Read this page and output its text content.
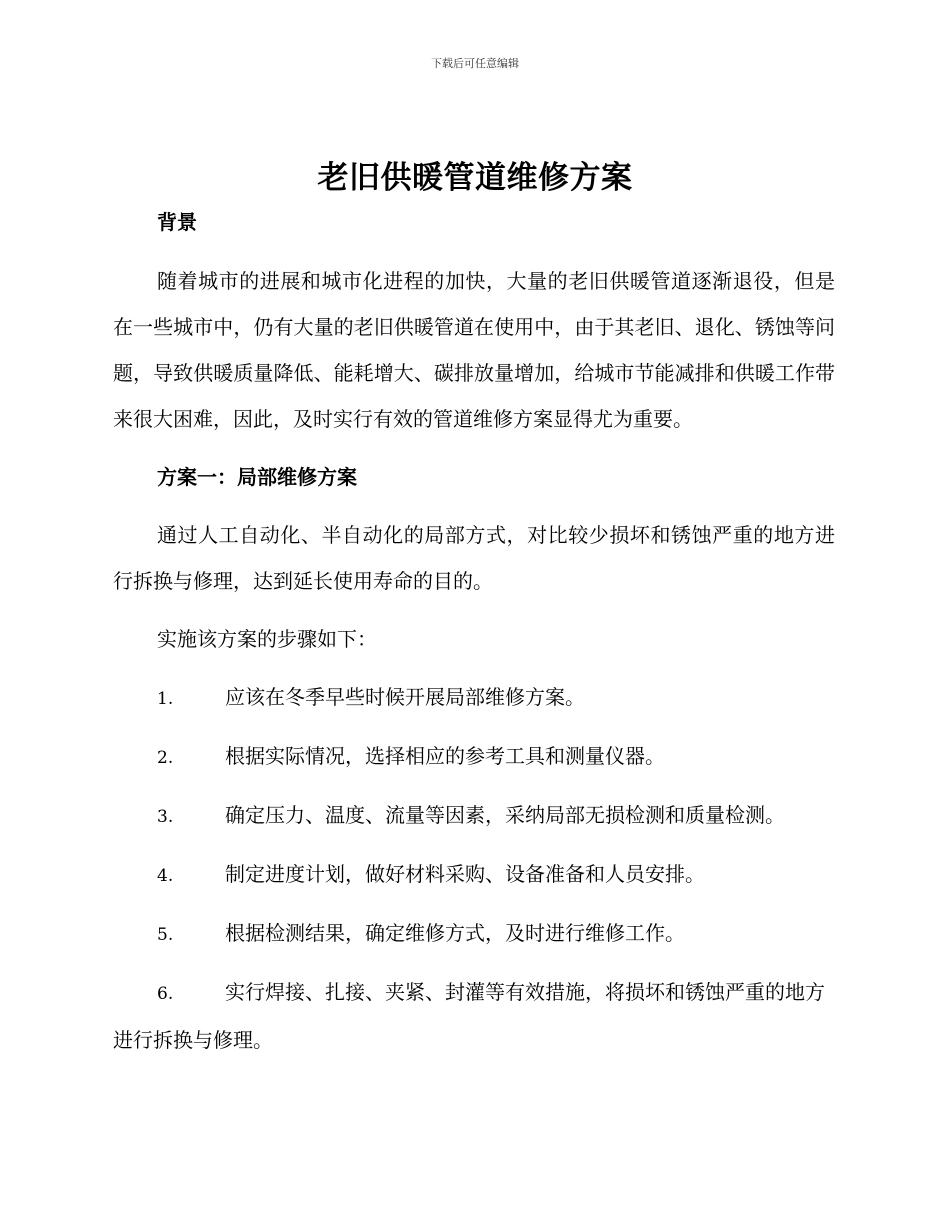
下载后可任意编辑
老旧供暖管道维修方案

背景

随着城市的进展和城市化进程的加快，大量的老旧供暖管道逐渐退役，但是在一些城市中，仍有大量的老旧供暖管道在使用中，由于其老旧、退化、锈蚀等问题，导致供暖质量降低、能耗增大、碳排放量增加，给城市节能减排和供暖工作带来很大困难，因此，及时实行有效的管道维修方案显得尤为重要。

方案一：局部维修方案

通过人工自动化、半自动化的局部方式，对比较少损坏和锈蚀严重的地方进行拆换与修理，达到延长使用寿命的目的。

实施该方案的步骤如下：

1.	应该在冬季早些时候开展局部维修方案。
2.	根据实际情况，选择相应的参考工具和测量仪器。
3.	确定压力、温度、流量等因素，采纳局部无损检测和质量检测。
4.	制定进度计划，做好材料采购、设备准备和人员安排。
5.	根据检测结果，确定维修方式，及时进行维修工作。
6.	实行焊接、扎接、夹紧、封灌等有效措施，将损坏和锈蚀严重的地方进行拆换与修理。
